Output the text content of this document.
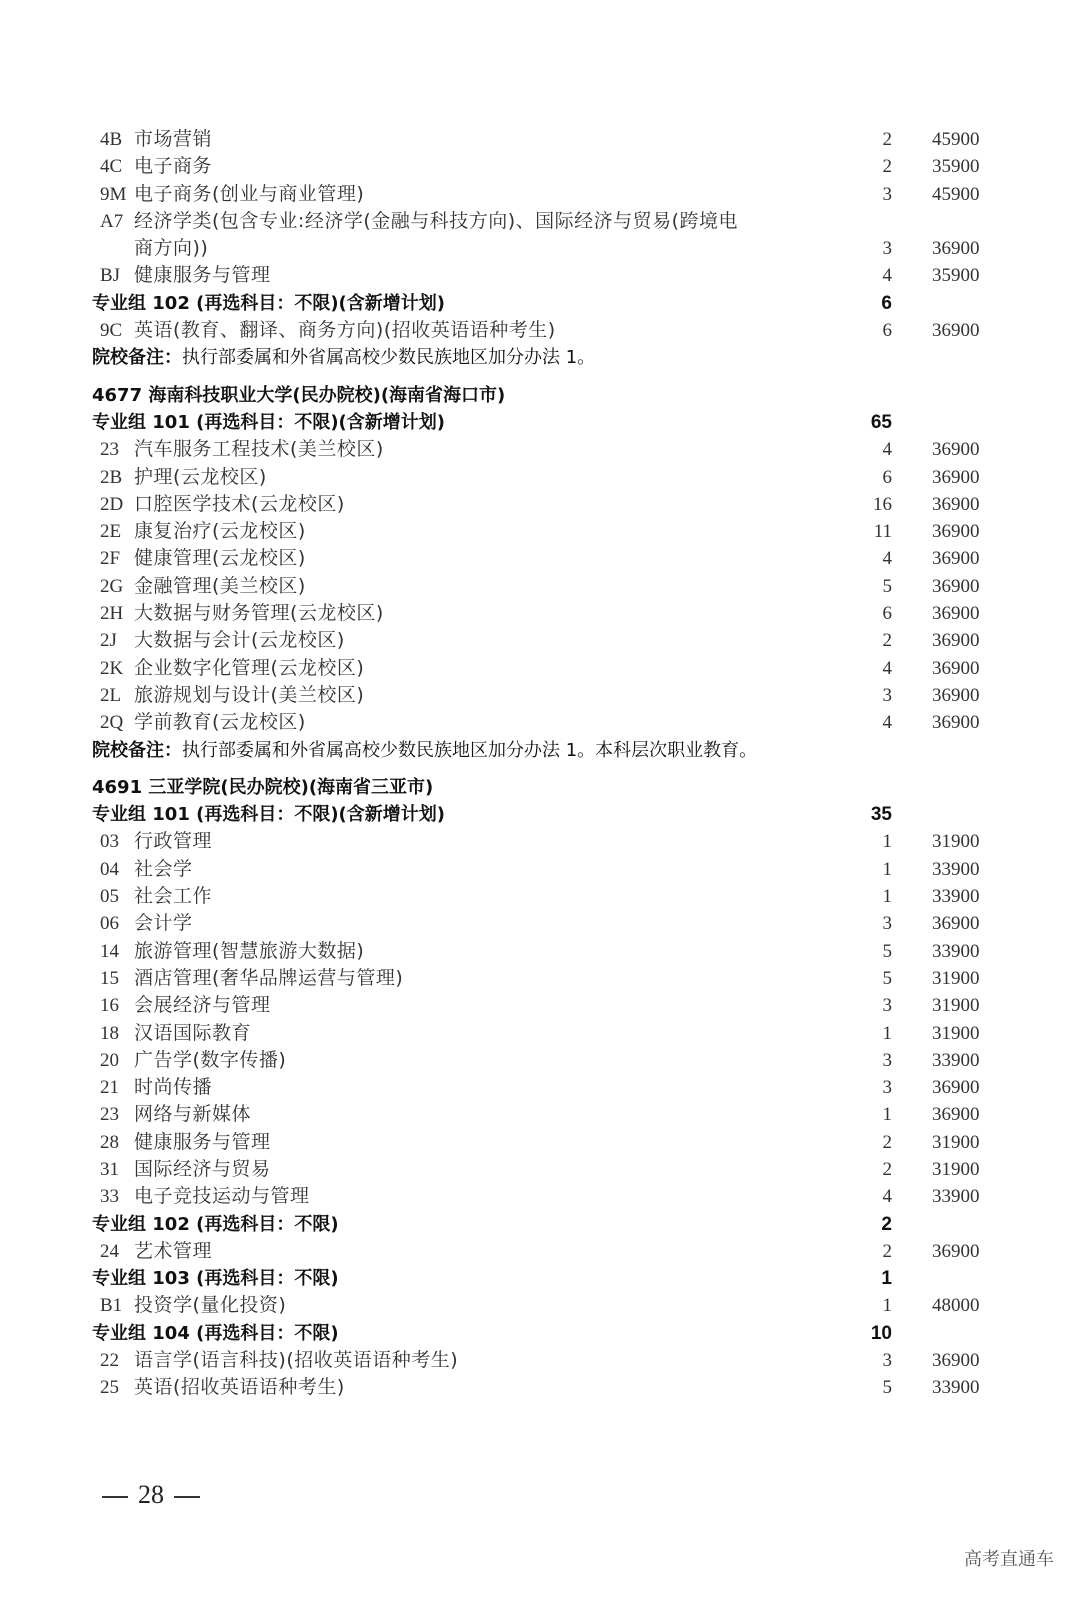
4B 市场营销	2 45900
4C 电子商务	2 35900
9M 电子商务(创业与商业管理)	3 45900
A7 经济学类(包含专业:经济学(金融与科技方向)、国际经济与贸易(跨境电
商方向))	3 36900
BJ 健康服务与管理	4 35900
专业组 102 (再选科目：不限)(含新增计划)	6
9C 英语(教育、翻译、商务方向)(招收英语语种考生)	6 36900
院校备注：执行部委属和外省属高校少数民族地区加分办法 1。
4677 海南科技职业大学(民办院校)(海南省海口市)
专业组 101 (再选科目：不限)(含新增计划)	65
23 汽车服务工程技术(美兰校区)	4 36900
2B 护理(云龙校区)	6 36900
2D 口腔医学技术(云龙校区)	16 36900
2E 康复治疗(云龙校区)	11 36900
2F 健康管理(云龙校区)	4 36900
2G 金融管理(美兰校区)	5 36900
2H 大数据与财务管理(云龙校区)	6 36900
2J 大数据与会计(云龙校区)	2 36900
2K 企业数字化管理(云龙校区)	4 36900
2L 旅游规划与设计(美兰校区)	3 36900
2Q 学前教育(云龙校区)	4 36900
院校备注：执行部委属和外省属高校少数民族地区加分办法 1。本科层次职业教育。
4691 三亚学院(民办院校)(海南省三亚市)
专业组 101 (再选科目：不限)(含新增计划)	35
03 行政管理	1 31900
04 社会学	1 33900
05 社会工作	1 33900
06 会计学	3 36900
14 旅游管理(智慧旅游大数据)	5 33900
15 酒店管理(奢华品牌运营与管理)	5 31900
16 会展经济与管理	3 31900
18 汉语国际教育	1 31900
20 广告学(数字传播)	3 33900
21 时尚传播	3 36900
23 网络与新媒体	1 36900
28 健康服务与管理	2 31900
31 国际经济与贸易	2 31900
33 电子竞技运动与管理	4 33900
专业组 102 (再选科目：不限)	2
24 艺术管理	2 36900
专业组 103 (再选科目：不限)	1
B1 投资学(量化投资)	1 48000
专业组 104 (再选科目：不限)	10
22 语言学(语言科技)(招收英语语种考生)	3 36900
25 英语(招收英语语种考生)	5 33900
28
高考直通车
